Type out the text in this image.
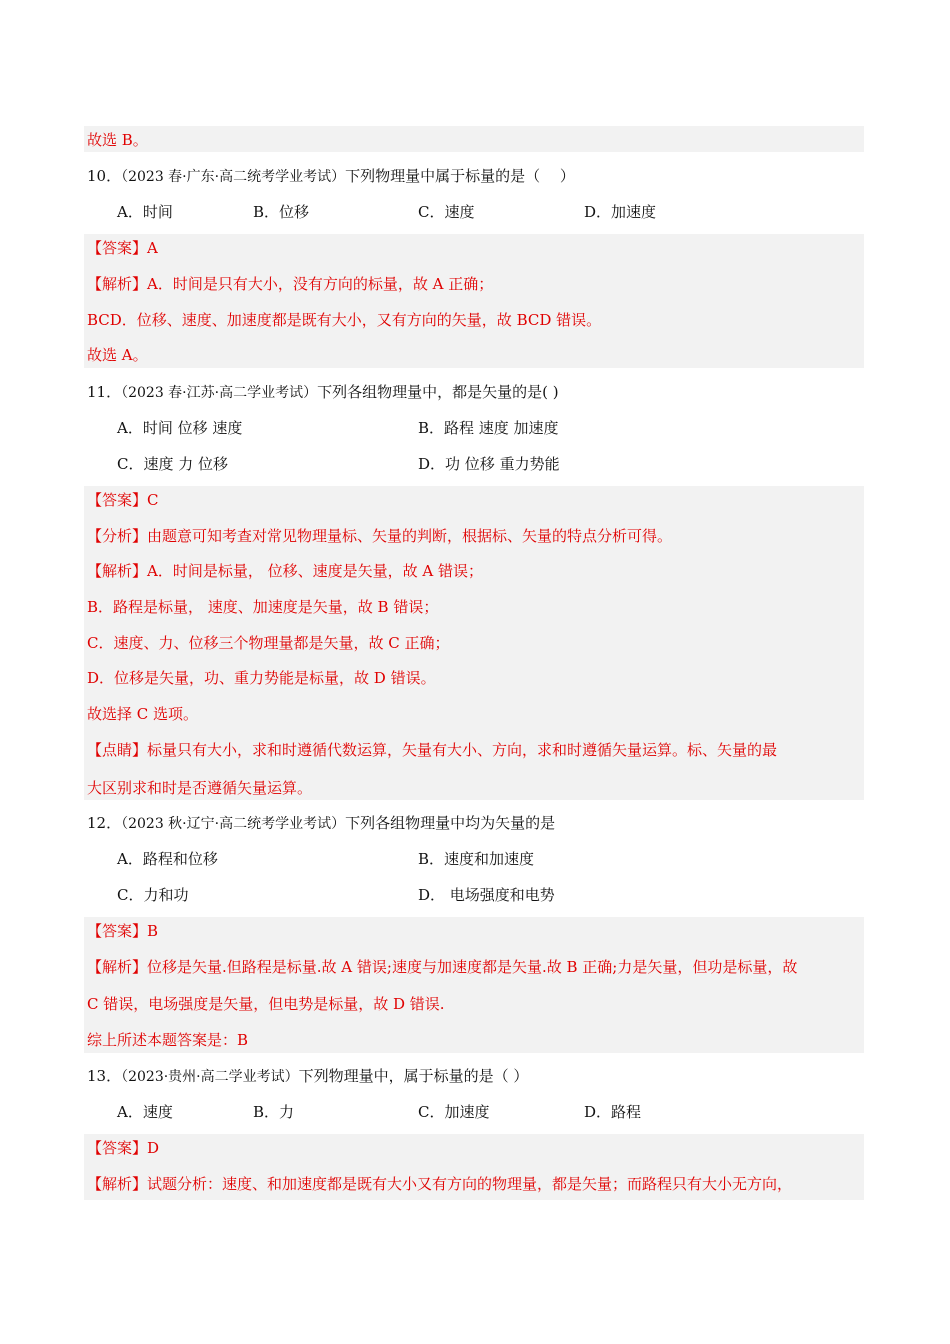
故选 B。
10．（2023 春·广东·高二统考学业考试）下列物理量中属于标量的是（　 ）
A．时间	B．位移	C．速度	D．加速度
【答案】A
【解析】A．时间是只有大小，没有方向的标量，故 A 正确；
BCD．位移、速度、加速度都是既有大小，又有方向的矢量，故 BCD 错误。
故选 A。
11．（2023 春·江苏·高二学业考试）下列各组物理量中，都是矢量的是( )
A．时间 位移 速度	B．路程 速度 加速度
C．速度 力 位移	D．功 位移 重力势能
【答案】C
【分析】由题意可知考查对常见物理量标、矢量的判断，根据标、矢量的特点分析可得。
【解析】A．时间是标量， 位移、速度是矢量，故 A 错误；
B．路程是标量， 速度、加速度是矢量，故 B 错误；
C．速度、力、位移三个物理量都是矢量，故 C 正确；
D．位移是矢量，功、重力势能是标量，故 D 错误。
故选择 C 选项。
【点睛】标量只有大小，求和时遵循代数运算，矢量有大小、方向，求和时遵循矢量运算。标、矢量的最
大区别求和时是否遵循矢量运算。
12．（2023 秋·辽宁·高二统考学业考试）下列各组物理量中均为矢量的是
A．路程和位移	B．速度和加速度
C．力和功	D． 电场强度和电势
【答案】B
【解析】位移是矢量.但路程是标量.故 A 错误;速度与加速度都是矢量.故 B 正确;力是矢量，但功是标量，故
C 错误，电场强度是矢量，但电势是标量，故 D 错误.
综上所述本题答案是：B
13．（2023·贵州·高二学业考试）下列物理量中，属于标量的是（ ）
A．速度	B．力	C．加速度	D．路程
【答案】D
【解析】试题分析：速度、和加速度都是既有大小又有方向的物理量，都是矢量；而路程只有大小无方向，
